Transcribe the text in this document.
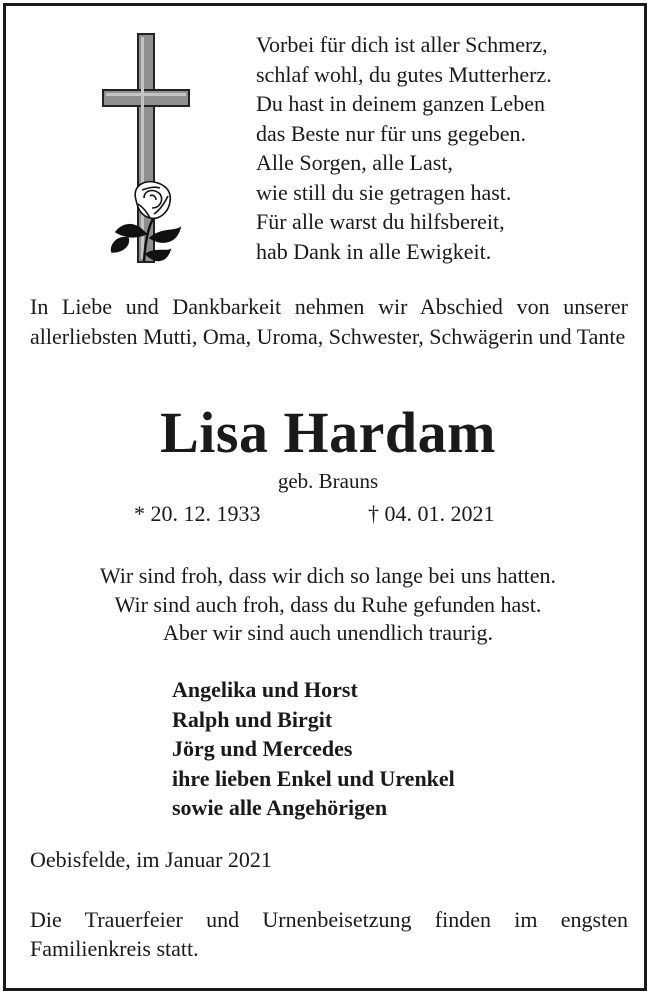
Vorbei für dich ist aller Schmerz,
schlaf wohl, du gutes Mutterherz.
Du hast in deinem ganzen Leben
das Beste nur für uns gegeben.
Alle Sorgen, alle Last,
wie still du sie getragen hast.
Für alle warst du hilfsbereit,
hab Dank in alle Ewigkeit.
In Liebe und Dankbarkeit nehmen wir Abschied von unserer allerliebsten Mutti, Oma, Uroma, Schwester, Schwägerin und Tante
Lisa Hardam
geb. Brauns
* 20. 12. 1933	† 04. 01. 2021
Wir sind froh, dass wir dich so lange bei uns hatten.
Wir sind auch froh, dass du Ruhe gefunden hast.
Aber wir sind auch unendlich traurig.
Angelika und Horst
Ralph und Birgit
Jörg und Mercedes
ihre lieben Enkel und Urenkel
sowie alle Angehörigen
Oebisfelde, im Januar 2021
Die Trauerfeier und Urnenbeisetzung finden im engsten Familienkreis statt.
